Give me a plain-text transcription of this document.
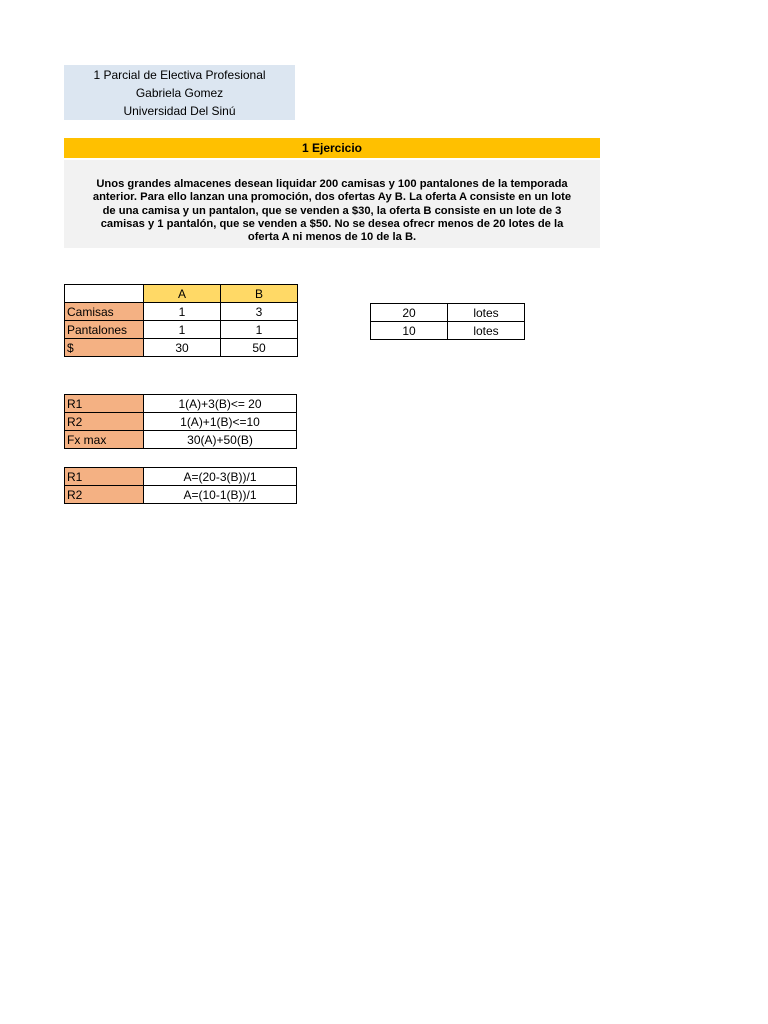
1 Parcial de Electiva Profesional
Gabriela Gomez
Universidad Del Sinú
1 Ejercicio
Unos grandes almacenes desean liquidar 200 camisas y 100 pantalones de la temporada
anterior. Para ello lanzan una promoción, dos ofertas Ay B. La oferta A consiste en un lote
de una camisa y un pantalon, que se venden a $30, la oferta B consiste en un lote de 3
camisas y 1 pantalón, que se venden a $50. No se desea ofrecr menos de 20 lotes de la
oferta A ni menos de 10 de la B.
	A	B
Camisas	1	3
Pantalones	1	1
$	30	50
20	lotes
10	lotes
R1	1(A)+3(B)<= 20
R2	1(A)+1(B)<=10
Fx max	30(A)+50(B)
R1	A=(20-3(B))/1
R2	A=(10-1(B))/1
